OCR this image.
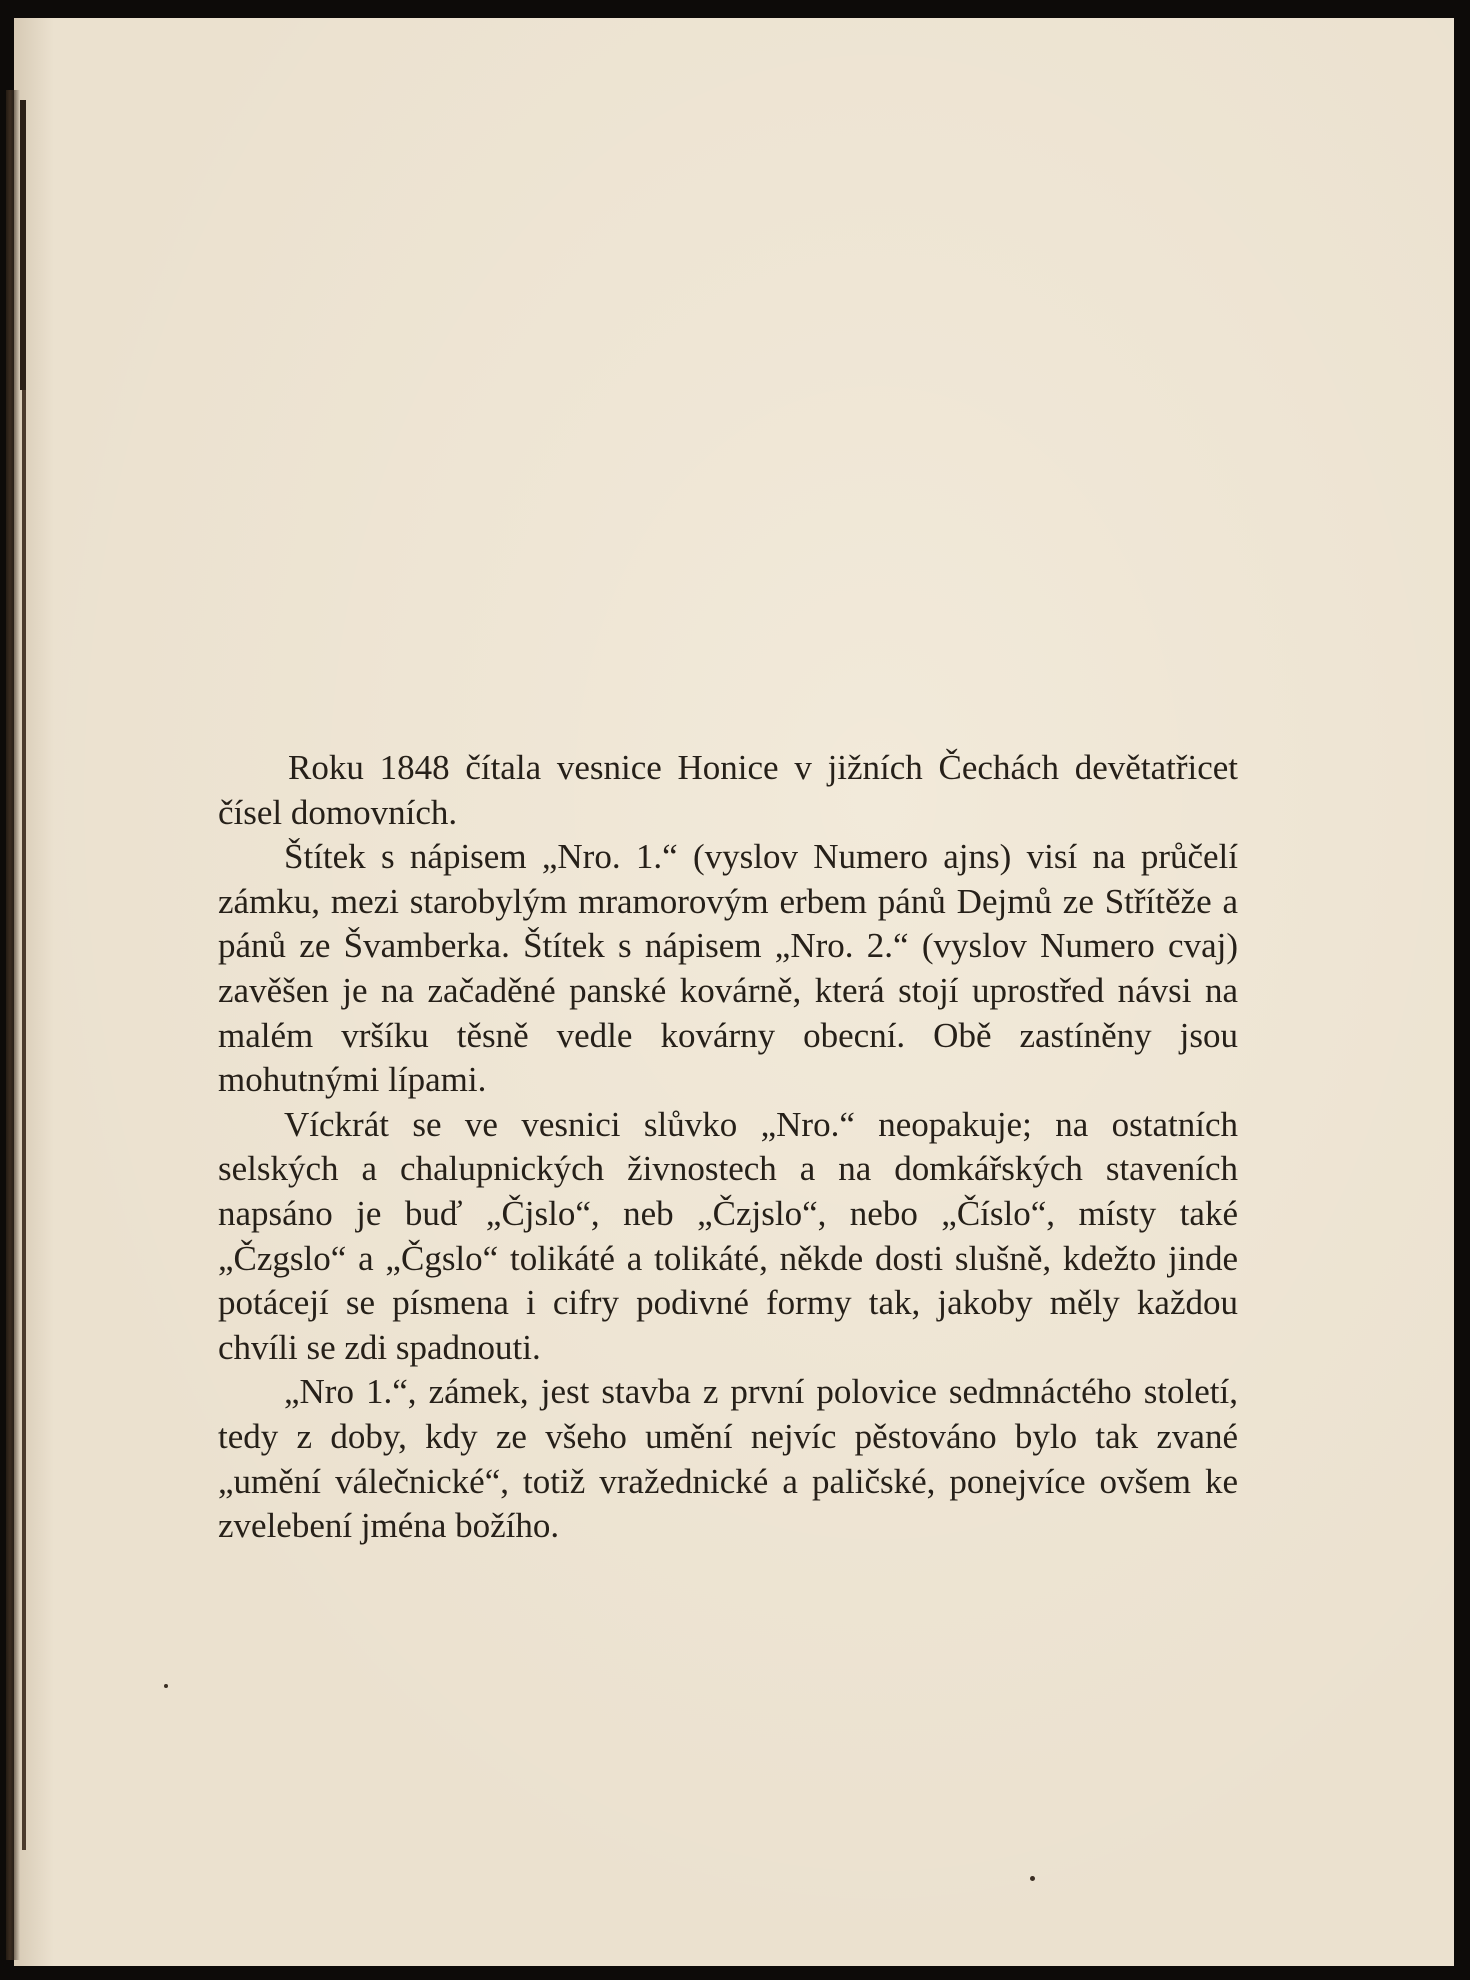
Roku 1848 čítala vesnice Honice v jižních Čechách devětatřicet čísel domovních.

Štítek s nápisem „Nro. 1.“ (vyslov Numero ajns) visí na průčelí zámku, mezi starobylým mramorovým erbem pánů Dejmů ze Střítěže a pánů ze Švamberka. Štítek s nápisem „Nro. 2.“ (vyslov Numero cvaj) zavěšen je na začaděné panské kovárně, která stojí uprostřed návsi na malém vršíku těsně vedle kovárny obecní. Obě zastíněny jsou mohutnými lípami.

Víckrát se ve vesnici slůvko „Nro.“ neopakuje; na ostatních selských a chalupnických živnostech a na domkářských staveních napsáno je buď „Čjslo“, neb „Čzjslo“, nebo „Číslo“, místy také „Čzgslo“ a „Čgslo“ tolikáté a tolikáté, někde dosti slušně, kdežto jinde potácejí se písmena i cifry podivné formy tak, jakoby měly každou chvíli se zdi spadnouti.

„Nro 1.“, zámek, jest stavba z první polovice sedmnáctého století, tedy z doby, kdy ze všeho umění nejvíc pěstováno bylo tak zvané „umění válečnické“, totiž vražednické a paličské, ponejvíce ovšem ke zvelebení jména božího.
